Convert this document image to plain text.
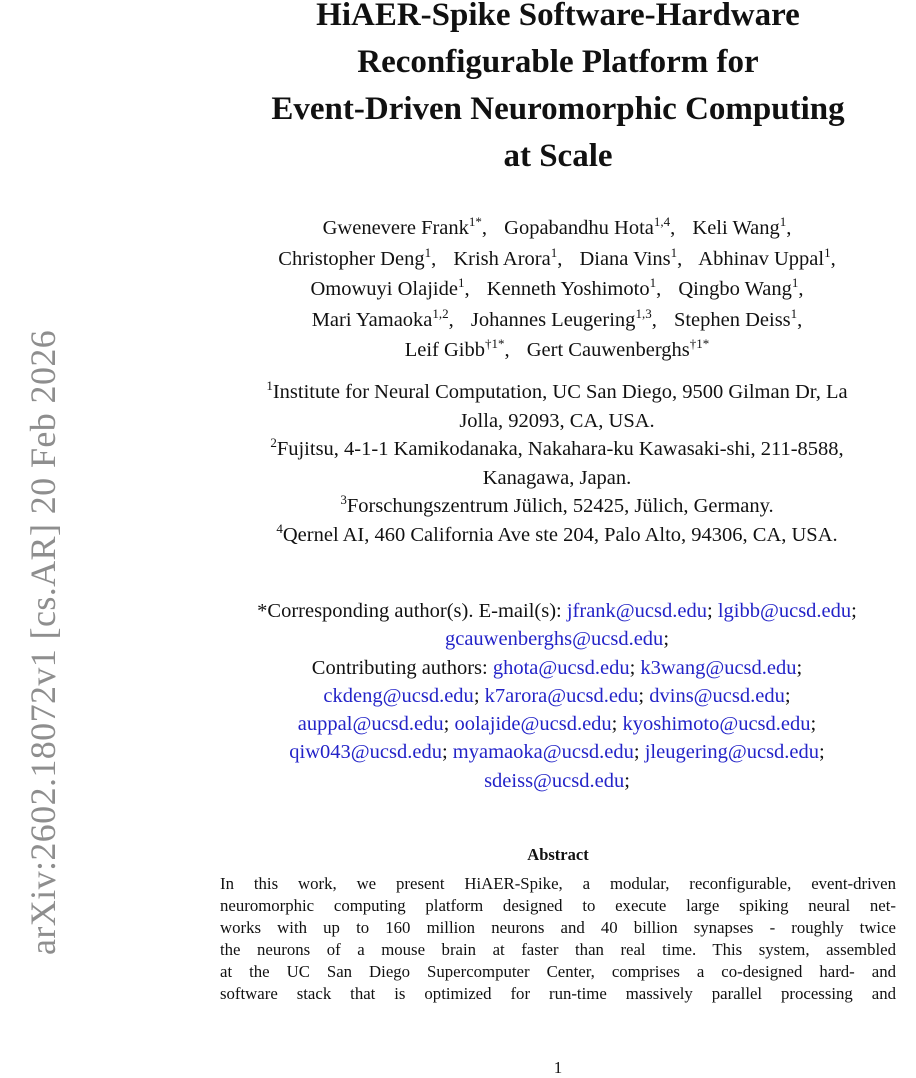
arXiv:2602.18072v1 [cs.AR] 20 Feb 2026
HiAER-Spike Software-Hardware
Reconfigurable Platform for
Event-Driven Neuromorphic Computing
at Scale
Gwenevere Frank$^{1*}$, Gopabandhu Hota$^{1,4}$, Keli Wang$^1$,
Christopher Deng$^1$, Krish Arora$^1$, Diana Vins$^1$, Abhinav Uppal$^1$,
Omowuyi Olajide$^1$, Kenneth Yoshimoto$^1$, Qingbo Wang$^1$,
Mari Yamaoka$^{1,2}$, Johannes Leugering$^{1,3}$, Stephen Deiss$^1$,
Leif Gibb$^{\dagger 1*}$, Gert Cauwenberghs$^{\dagger 1*}$
$^1$Institute for Neural Computation, UC San Diego, 9500 Gilman Dr, La
Jolla, 92093, CA, USA.
$^2$Fujitsu, 4-1-1 Kamikodanaka, Nakahara-ku Kawasaki-shi, 211-8588,
Kanagawa, Japan.
$^3$Forschungszentrum Jülich, 52425, Jülich, Germany.
$^4$Qernel AI, 460 California Ave ste 204, Palo Alto, 94306, CA, USA.
*Corresponding author(s). E-mail(s): jfrank@ucsd.edu; lgibb@ucsd.edu;
gcauwenberghs@ucsd.edu;
Contributing authors: ghota@ucsd.edu; k3wang@ucsd.edu;
ckdeng@ucsd.edu; k7arora@ucsd.edu; dvins@ucsd.edu;
auppal@ucsd.edu; oolajide@ucsd.edu; kyoshimoto@ucsd.edu;
qiw043@ucsd.edu; myamaoka@ucsd.edu; jleugering@ucsd.edu;
sdeiss@ucsd.edu;
Abstract
In this work, we present HiAER-Spike, a modular, reconfigurable, event-driven
neuromorphic computing platform designed to execute large spiking neural net-
works with up to 160 million neurons and 40 billion synapses - roughly twice
the neurons of a mouse brain at faster than real time. This system, assembled
at the UC San Diego Supercomputer Center, comprises a co-designed hard- and
software stack that is optimized for run-time massively parallel processing and
1
